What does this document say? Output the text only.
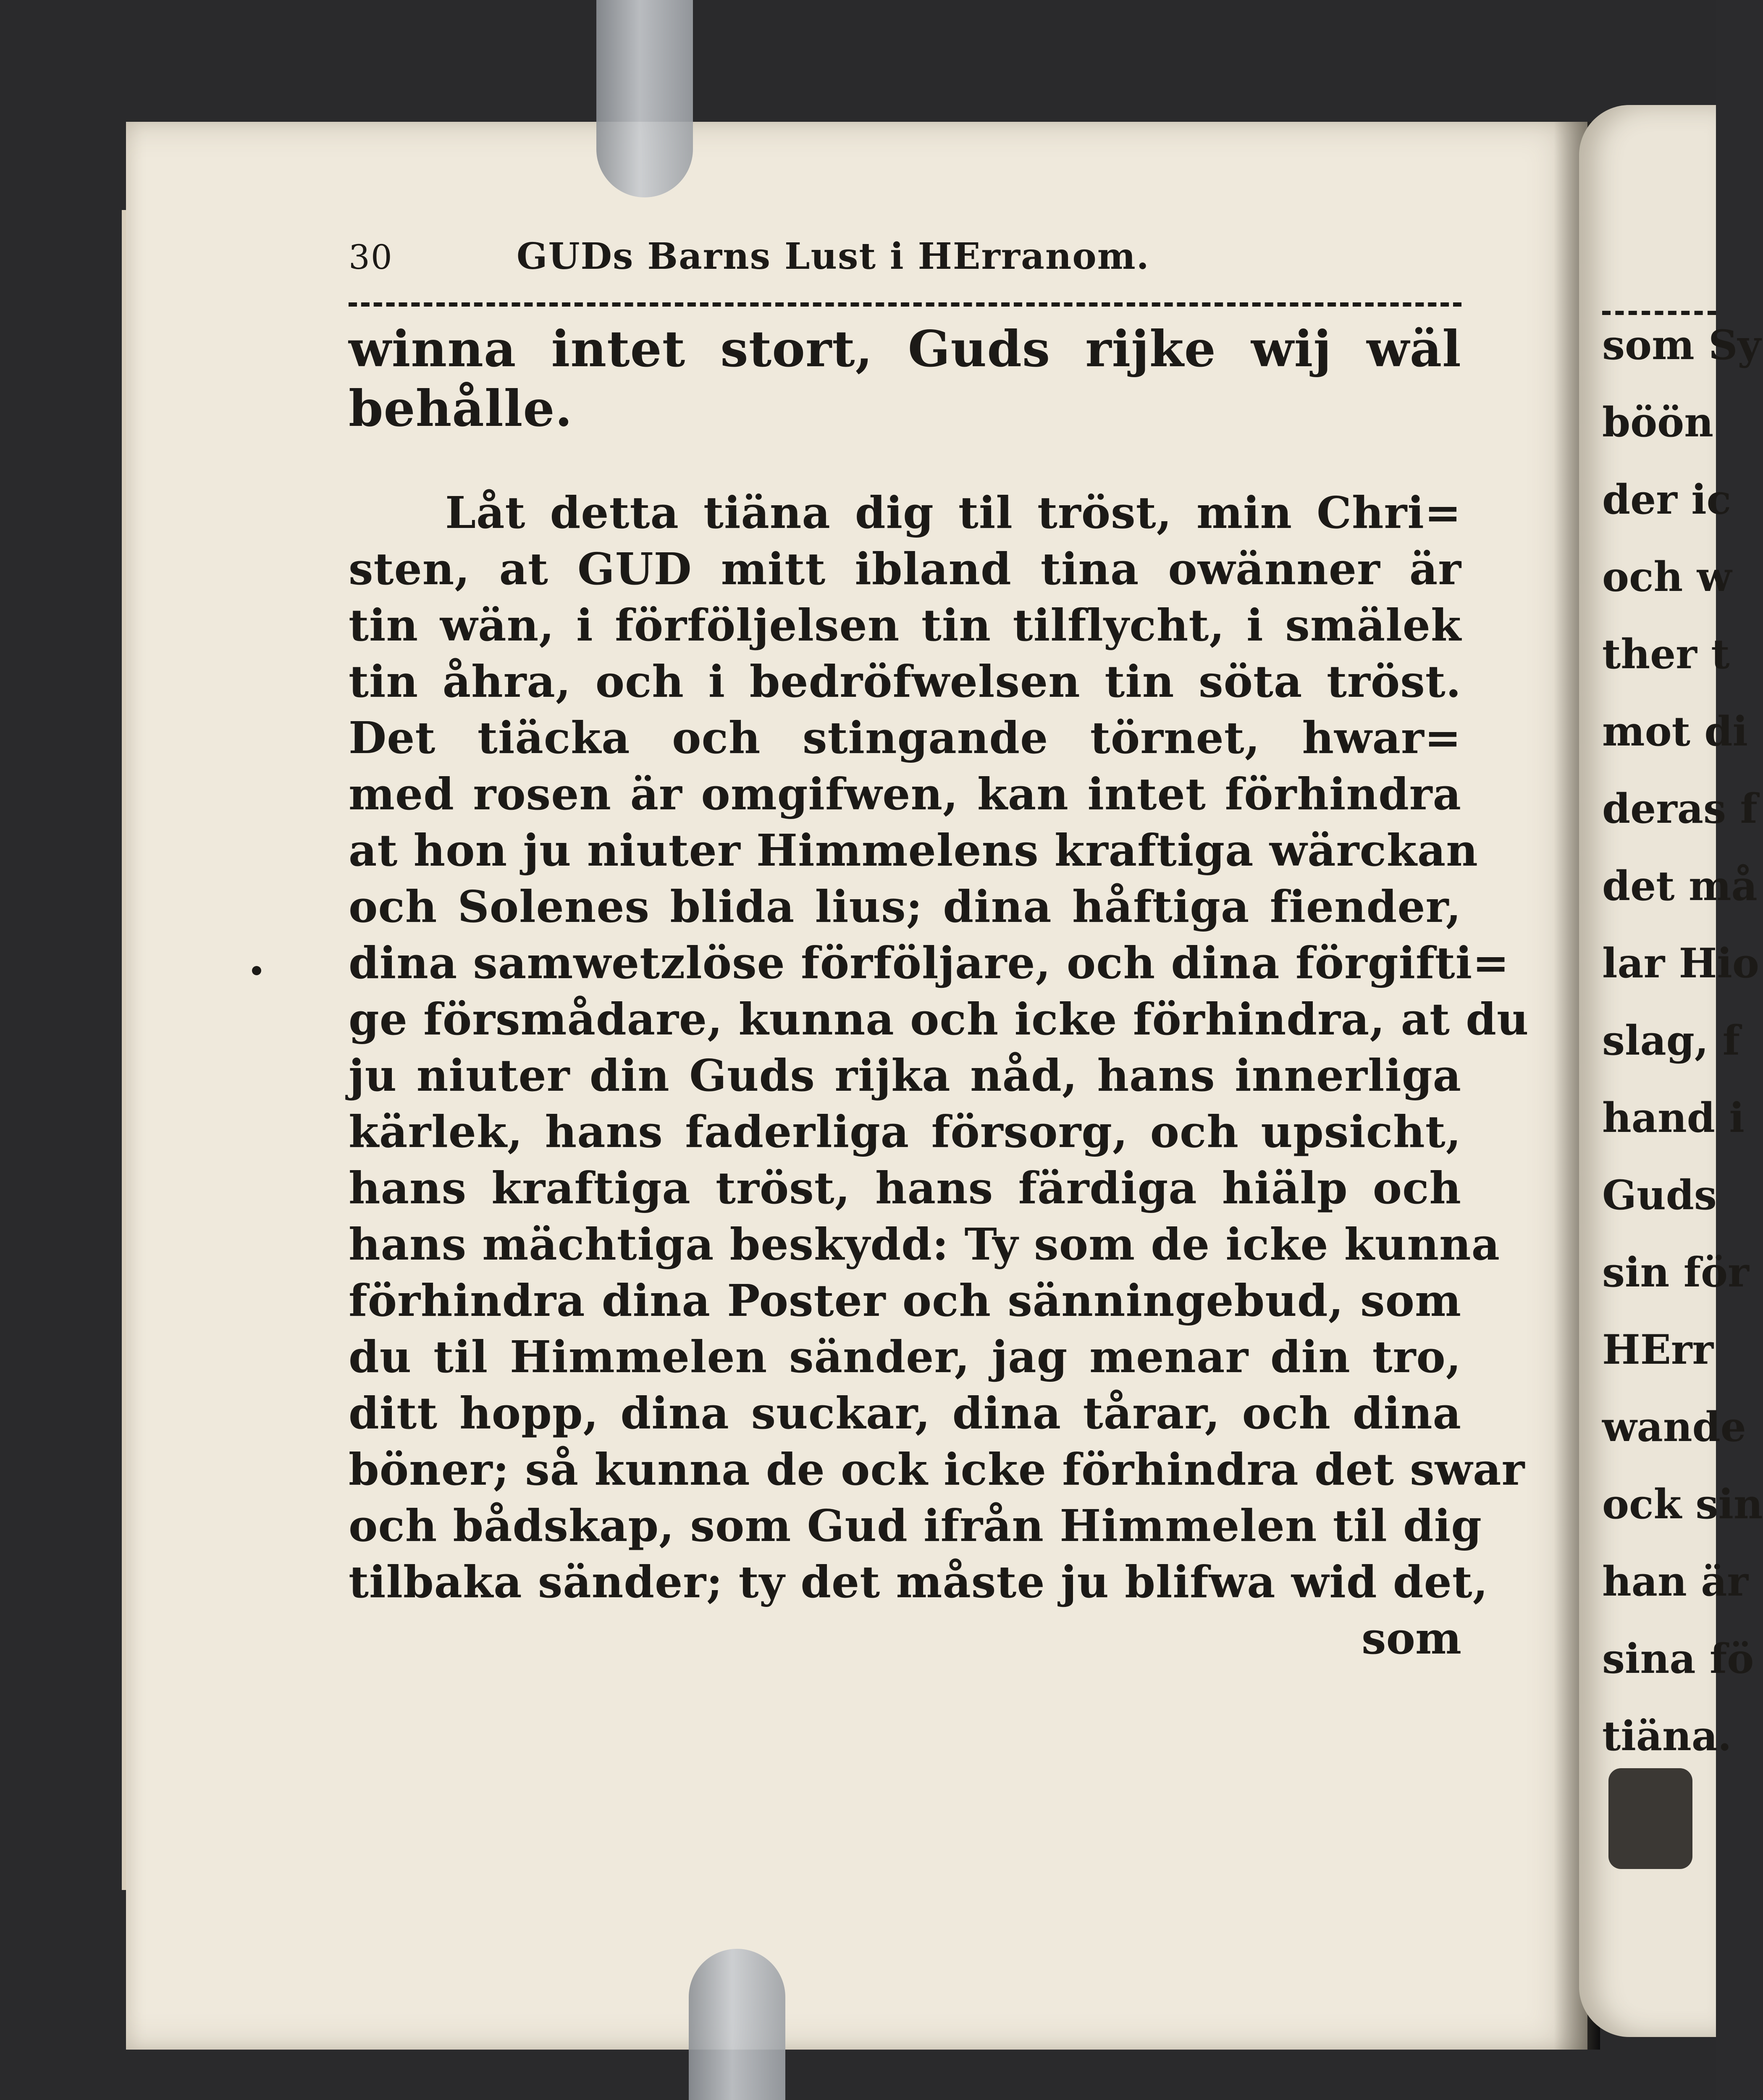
30	GUDs Barns Lust i HErranom.
winna intet stort, Guds rijke wij wäl
behålle.
Låt detta tiäna dig til tröst, min Chri=
sten, at GUD mitt ibland tina owänner är
tin wän, i förföljelsen tin tilflycht, i smälek
tin åhra, och i bedröfwelsen tin söta tröst.
Det tiäcka och stingande törnet, hwar=
med rosen är omgifwen, kan intet förhindra
at hon ju niuter Himmelens kraftiga wärckan
och Solenes blida lius; dina håftiga fiender,
dina samwetzlöse förföljare, och dina förgifti=
ge försmådare, kunna och icke förhindra, at du
ju niuter din Guds rijka nåd, hans innerliga
kärlek, hans faderliga försorg, och upsicht,
hans kraftiga tröst, hans färdiga hiälp och
hans mächtiga beskydd: Ty som de icke kunna
förhindra dina Poster och sänningebud, som
du til Himmelen sänder, jag menar din tro,
ditt hopp, dina suckar, dina tårar, och dina
böner; så kunna de ock icke förhindra det swar
och bådskap, som Gud ifrån Himmelen til dig
tilbaka sänder; ty det måste ju blifwa wid det,
som
som Sy
böön
der ic
och w
ther t
mot di
deras f
det må
lar Hio
slag, f
hand i
Guds
sin för
HErr
wande
ock sin
han är
sina fö
tiäna.
